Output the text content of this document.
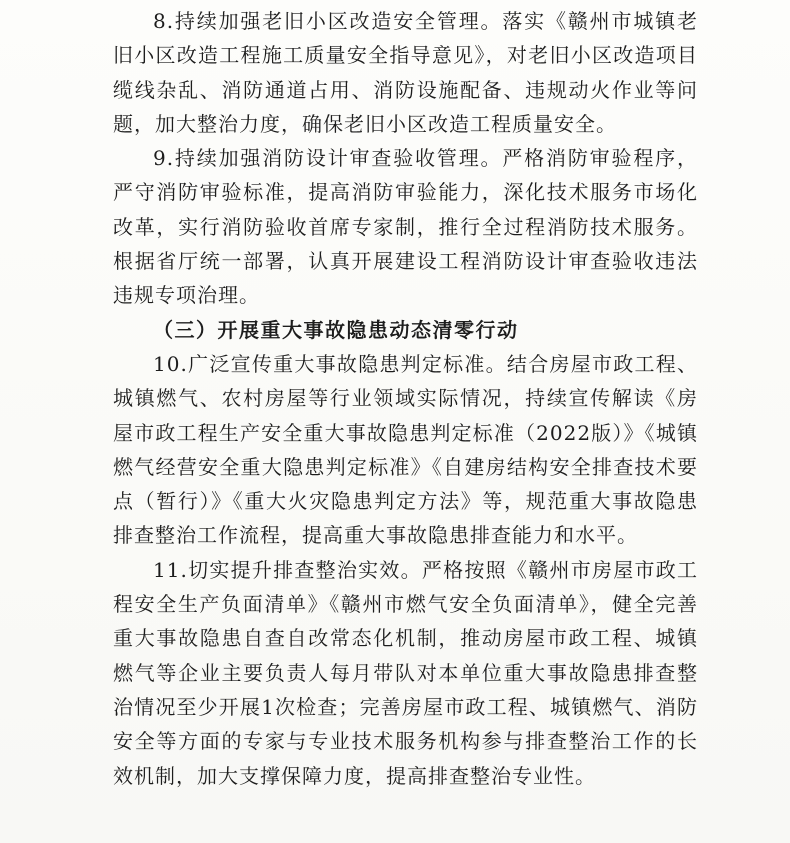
8.持续加强老旧小区改造安全管理。落实《赣州市城镇老旧小区改造工程施工质量安全指导意见》，对老旧小区改造项目缆线杂乱、消防通道占用、消防设施配备、违规动火作业等问题，加大整治力度，确保老旧小区改造工程质量安全。

9.持续加强消防设计审查验收管理。严格消防审验程序，严守消防审验标准，提高消防审验能力，深化技术服务市场化改革，实行消防验收首席专家制，推行全过程消防技术服务。根据省厅统一部署，认真开展建设工程消防设计审查验收违法违规专项治理。

（三）开展重大事故隐患动态清零行动

10.广泛宣传重大事故隐患判定标准。结合房屋市政工程、城镇燃气、农村房屋等行业领域实际情况，持续宣传解读《房屋市政工程生产安全重大事故隐患判定标准（2022版）》《城镇燃气经营安全重大隐患判定标准》《自建房结构安全排查技术要点（暂行）》《重大火灾隐患判定方法》等，规范重大事故隐患排查整治工作流程，提高重大事故隐患排查能力和水平。

11.切实提升排查整治实效。严格按照《赣州市房屋市政工程安全生产负面清单》《赣州市燃气安全负面清单》，健全完善重大事故隐患自查自改常态化机制，推动房屋市政工程、城镇燃气等企业主要负责人每月带队对本单位重大事故隐患排查整治情况至少开展1次检查；完善房屋市政工程、城镇燃气、消防安全等方面的专家与专业技术服务机构参与排查整治工作的长效机制，加大支撑保障力度，提高排查整治专业性。
